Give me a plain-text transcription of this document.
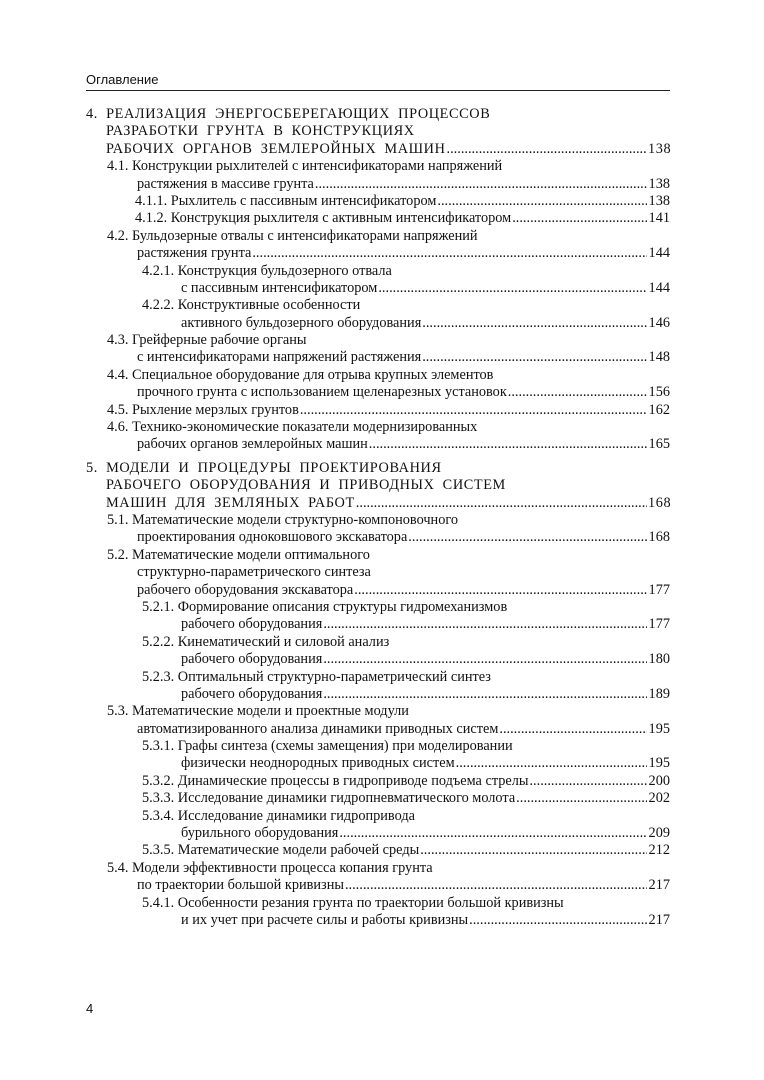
Оглавление
4. РЕАЛИЗАЦИЯ ЭНЕРГОСБЕРЕГАЮЩИХ ПРОЦЕССОВ
РАЗРАБОТКИ ГРУНТА В КОНСТРУКЦИЯХ
РАБОЧИХ ОРГАНОВ ЗЕМЛЕРОЙНЫХ МАШИН .....	138
4.1. Конструкции рыхлителей с интенсификаторами напряжений
растяжения в массиве грунта .....	138
4.1.1. Рыхлитель с пассивным интенсификатором .....	138
4.1.2. Конструкция рыхлителя с активным интенсификатором .....	141
4.2. Бульдозерные отвалы с интенсификаторами напряжений
растяжения грунта .....	144
4.2.1. Конструкция бульдозерного отвала
с пассивным интенсификатором .....	144
4.2.2. Конструктивные особенности
активного бульдозерного оборудования .....	146
4.3. Грейферные рабочие органы
с интенсификаторами напряжений растяжения .....	148
4.4. Специальное оборудование для отрыва крупных элементов
прочного грунта с использованием щеленарезных установок .....	156
4.5. Рыхление мерзлых грунтов .....	162
4.6. Технико-экономические показатели модернизированных
рабочих органов землеройных машин .....	165
5. МОДЕЛИ И ПРОЦЕДУРЫ ПРОЕКТИРОВАНИЯ
РАБОЧЕГО ОБОРУДОВАНИЯ И ПРИВОДНЫХ СИСТЕМ
МАШИН ДЛЯ ЗЕМЛЯНЫХ РАБОТ .....	168
5.1. Математические модели структурно-компоновочного
проектирования одноковшового экскаватора .....	168
5.2. Математические модели оптимального
структурно-параметрического синтеза
рабочего оборудования экскаватора .....	177
5.2.1. Формирование описания структуры гидромеханизмов
рабочего оборудования .....	177
5.2.2. Кинематический и силовой анализ
рабочего оборудования .....	180
5.2.3. Оптимальный структурно-параметрический синтез
рабочего оборудования .....	189
5.3. Математические модели и проектные модули
автоматизированного анализа динамики приводных систем .....	195
5.3.1. Графы синтеза (схемы замещения) при моделировании
физически неоднородных приводных систем .....	195
5.3.2. Динамические процессы в гидроприводе подъема стрелы .....	200
5.3.3. Исследование динамики гидропневматического молота .....	202
5.3.4. Исследование динамики гидропривода
бурильного оборудования .....	209
5.3.5. Математические модели рабочей среды .....	212
5.4. Модели эффективности процесса копания грунта
по траектории большой кривизны .....	217
5.4.1. Особенности резания грунта по траектории большой кривизны
и их учет при расчете силы и работы кривизны .....	217
4
